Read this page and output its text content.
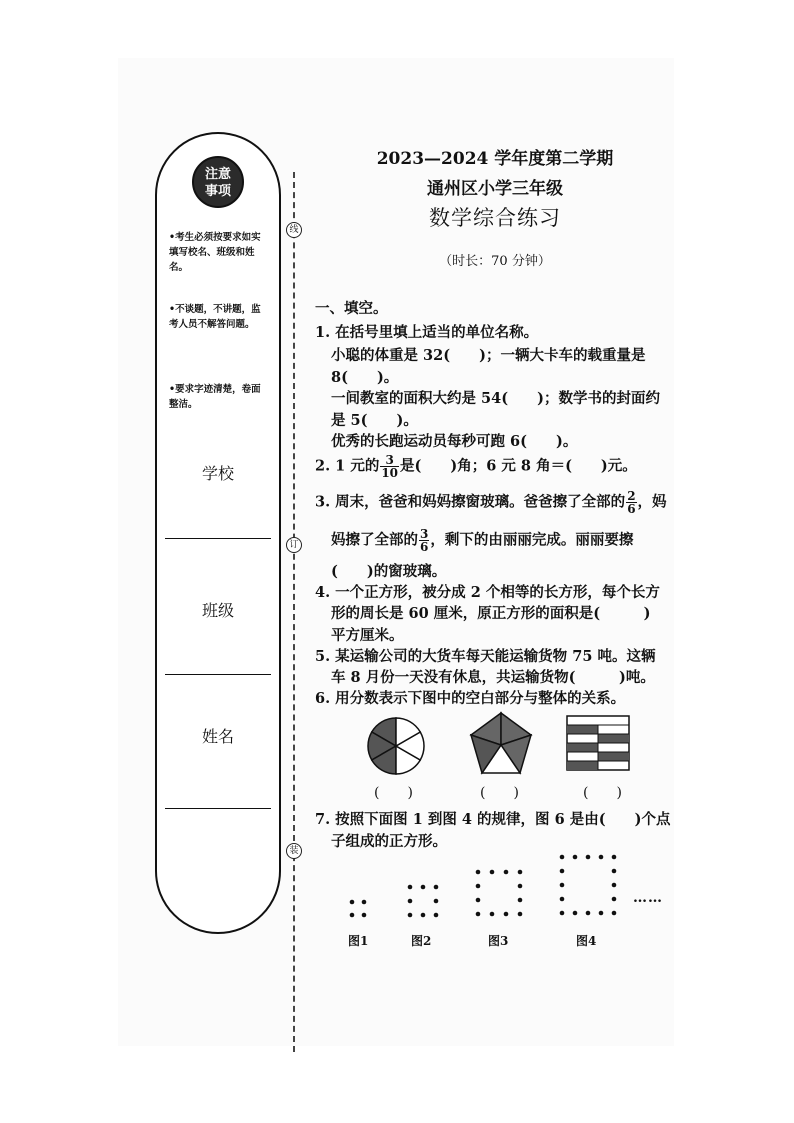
注意
事项
•考生必须按要求如实填写校名、班级和姓名。
•不谈题，不讲题，监考人员不解答问题。
•要求字迹清楚，卷面整洁。
学校
班级
姓名
线
订
装
2023—2024 学年度第二学期
通州区小学三年级
数学综合练习
（时长：70 分钟）
一、填空。
1. 在括号里填上适当的单位名称。
小聪的体重是 32(　　)；一辆大卡车的载重量是
8(　　)。
一间教室的面积大约是 54(　　)；数学书的封面约
是 5(　　)。
优秀的长跑运动员每秒可跑 6(　　)。
2. 1 元的 $\frac{3}{10}$ 是(　　)角；6 元 8 角＝(　　)元。
3. 周末，爸爸和妈妈擦窗玻璃。爸爸擦了全部的 $\frac{2}{6}$ ，妈
妈擦了全部的 $\frac{3}{6}$ ，剩下的由丽丽完成。丽丽要擦
(　　)的窗玻璃。
4. 一个正方形，被分成 2 个相等的长方形，每个长方
形的周长是 60 厘米，原正方形的面积是(　　　)
平方厘米。
5. 某运输公司的大货车每天能运输货物 75 吨。这辆
车 8 月份一天没有休息，共运输货物(　　　)吨。
6. 用分数表示下图中的空白部分与整体的关系。
(　　)	(　　)	(　　)
7. 按照下面图 1 到图 4 的规律，图 6 是由(　　)个点
子组成的正方形。
……
图1	图2	图3	图4
